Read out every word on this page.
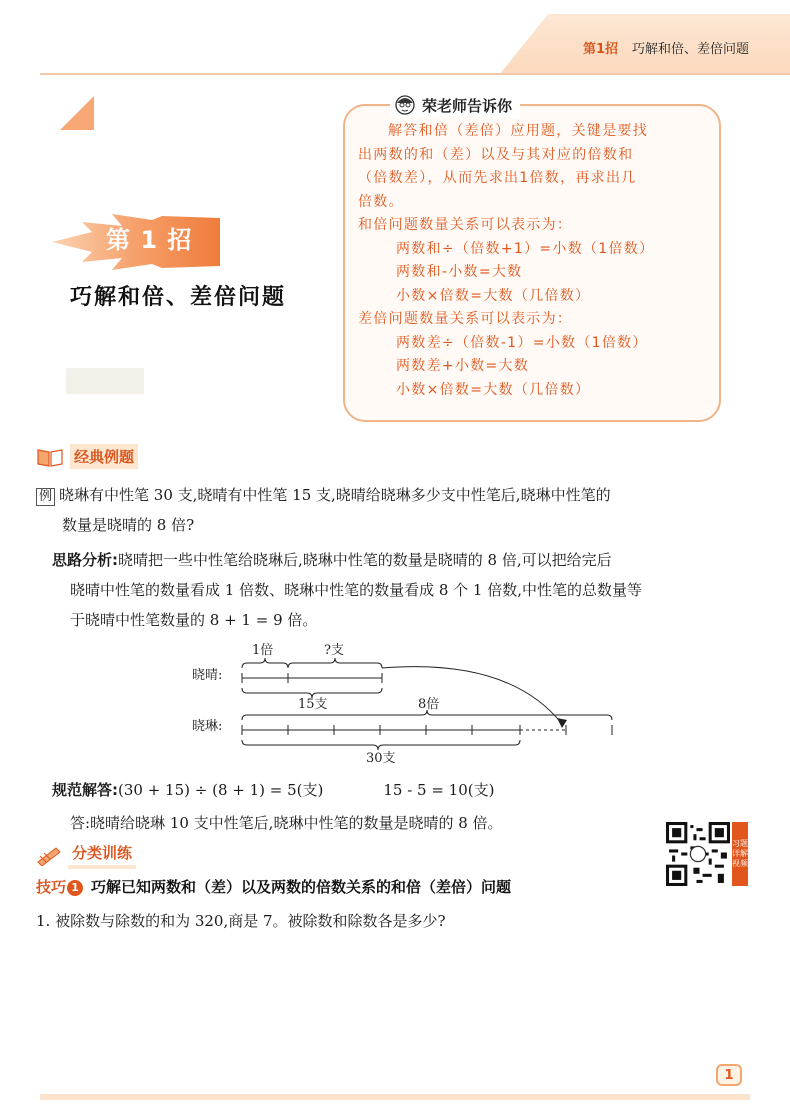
第1招 巧解和倍、差倍问题
第 1 招
巧解和倍、差倍问题
荣老师告诉你
解答和倍（差倍）应用题，关键是要找
出两数的和（差）以及与其对应的倍数和
（倍数差），从而先求出1倍数，再求出几
倍数。
和倍问题数量关系可以表示为：
两数和÷（倍数+1）=小数（1倍数）
两数和-小数=大数
小数×倍数=大数（几倍数）
差倍问题数量关系可以表示为：
两数差÷（倍数-1）=小数（1倍数）
两数差+小数=大数
小数×倍数=大数（几倍数）
经典例题
例 晓琳有中性笔 30 支,晓晴有中性笔 15 支,晓晴给晓琳多少支中性笔后,晓琳中性笔的
数量是晓晴的 8 倍?
思路分析:晓晴把一些中性笔给晓琳后,晓琳中性笔的数量是晓晴的 8 倍,可以把给完后
晓晴中性笔的数量看成 1 倍数、晓琳中性笔的数量看成 8 个 1 倍数,中性笔的总数量等
于晓晴中性笔数量的 8 + 1 = 9 倍。
晓晴:
晓琳:
1倍	?支
15支	8倍
30支
规范解答:(30 + 15) ÷ (8 + 1) = 5(支)	15 - 5 = 10(支)
答:晓晴给晓琳 10 支中性笔后,晓琳中性笔的数量是晓晴的 8 倍。
分类训练
习题详解视频
技巧 1 巧解已知两数和（差）以及两数的倍数关系的和倍（差倍）问题
1. 被除数与除数的和为 320,商是 7。被除数和除数各是多少?
1
